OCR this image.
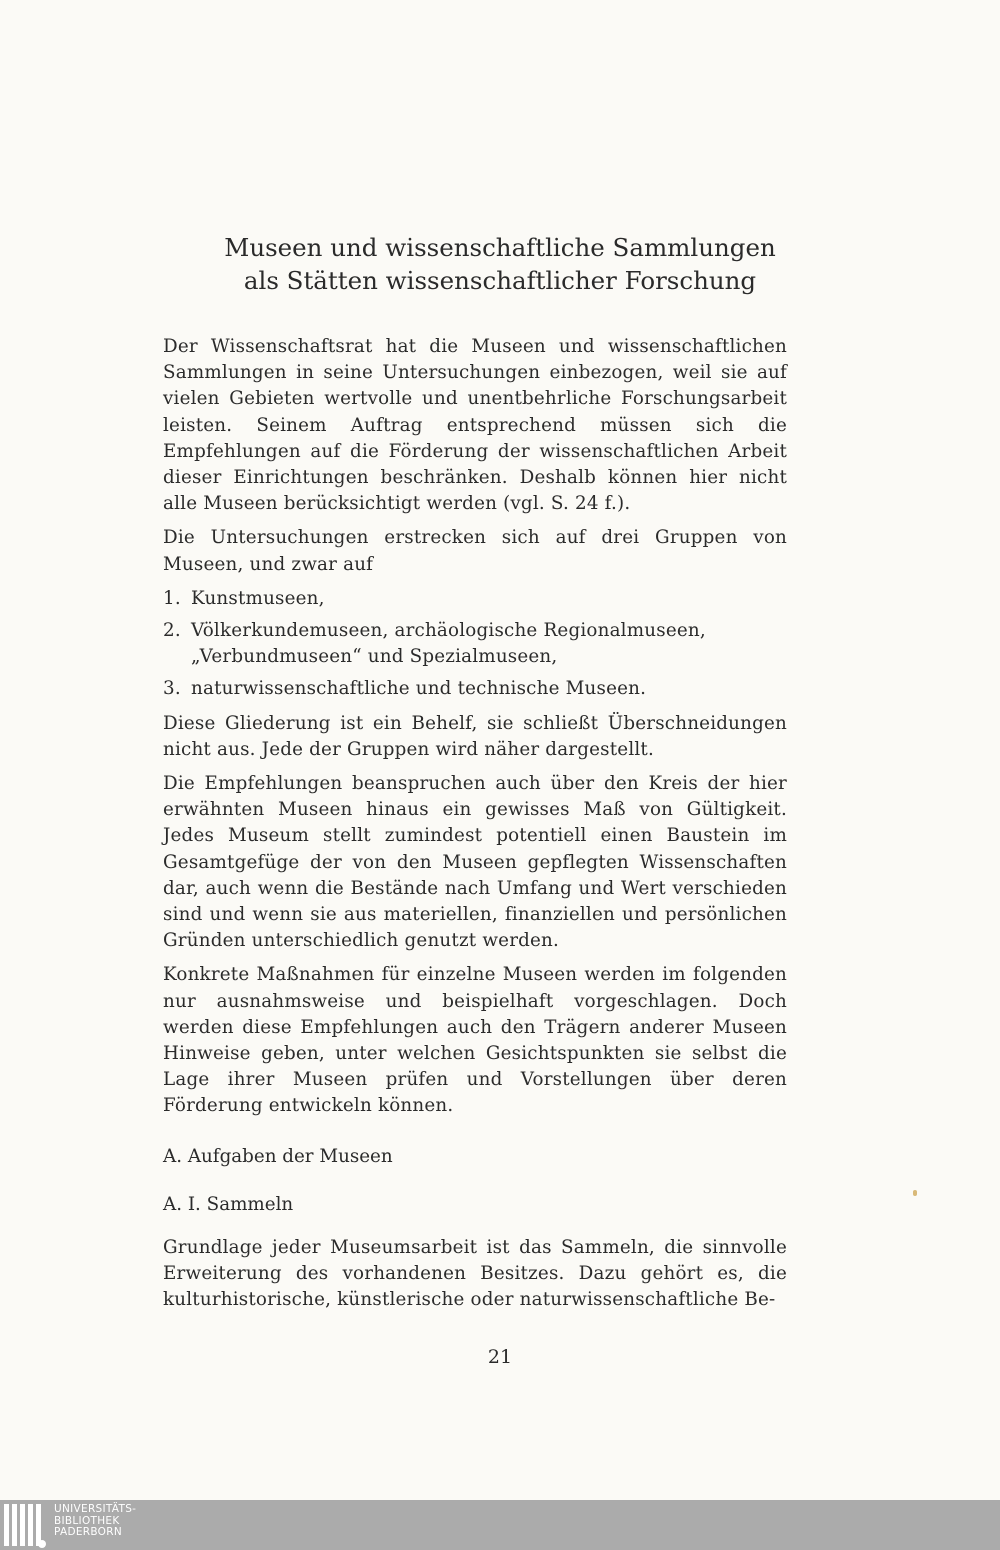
Museen und wissenschaftliche Sammlungen
als Stätten wissenschaftlicher Forschung

Der Wissenschaftsrat hat die Museen und wissenschaftlichen Sammlungen in seine Untersuchungen einbezogen, weil sie auf vielen Gebieten wertvolle und unentbehrliche Forschungsarbeit leisten. Seinem Auftrag entsprechend müssen sich die Empfehlungen auf die Förderung der wissenschaftlichen Arbeit dieser Einrichtungen beschränken. Deshalb können hier nicht alle Museen berücksichtigt werden (vgl. S. 24 f.).

Die Untersuchungen erstrecken sich auf drei Gruppen von Museen, und zwar auf

1. Kunstmuseen,
2. Völkerkundemuseen, archäologische Regionalmuseen, „Verbundmuseen“ und Spezialmuseen,
3. naturwissenschaftliche und technische Museen.

Diese Gliederung ist ein Behelf, sie schließt Überschneidungen nicht aus. Jede der Gruppen wird näher dargestellt.

Die Empfehlungen beanspruchen auch über den Kreis der hier erwähnten Museen hinaus ein gewisses Maß von Gültigkeit. Jedes Museum stellt zumindest potentiell einen Baustein im Gesamtgefüge der von den Museen gepflegten Wissenschaften dar, auch wenn die Bestände nach Umfang und Wert verschieden sind und wenn sie aus materiellen, finanziellen und persönlichen Gründen unterschiedlich genutzt werden.

Konkrete Maßnahmen für einzelne Museen werden im folgenden nur ausnahmsweise und beispielhaft vorgeschlagen. Doch werden diese Empfehlungen auch den Trägern anderer Museen Hinweise geben, unter welchen Gesichtspunkten sie selbst die Lage ihrer Museen prüfen und Vorstellungen über deren Förderung entwickeln können.

A. Aufgaben der Museen
A. I. Sammeln
Grundlage jeder Museumsarbeit ist das Sammeln, die sinnvolle Erweiterung des vorhandenen Besitzes. Dazu gehört es, die kulturhistorische, künstlerische oder naturwissenschaftliche Be-
21
UNIVERSITÄTS-
BIBLIOTHEK
PADERBORN
